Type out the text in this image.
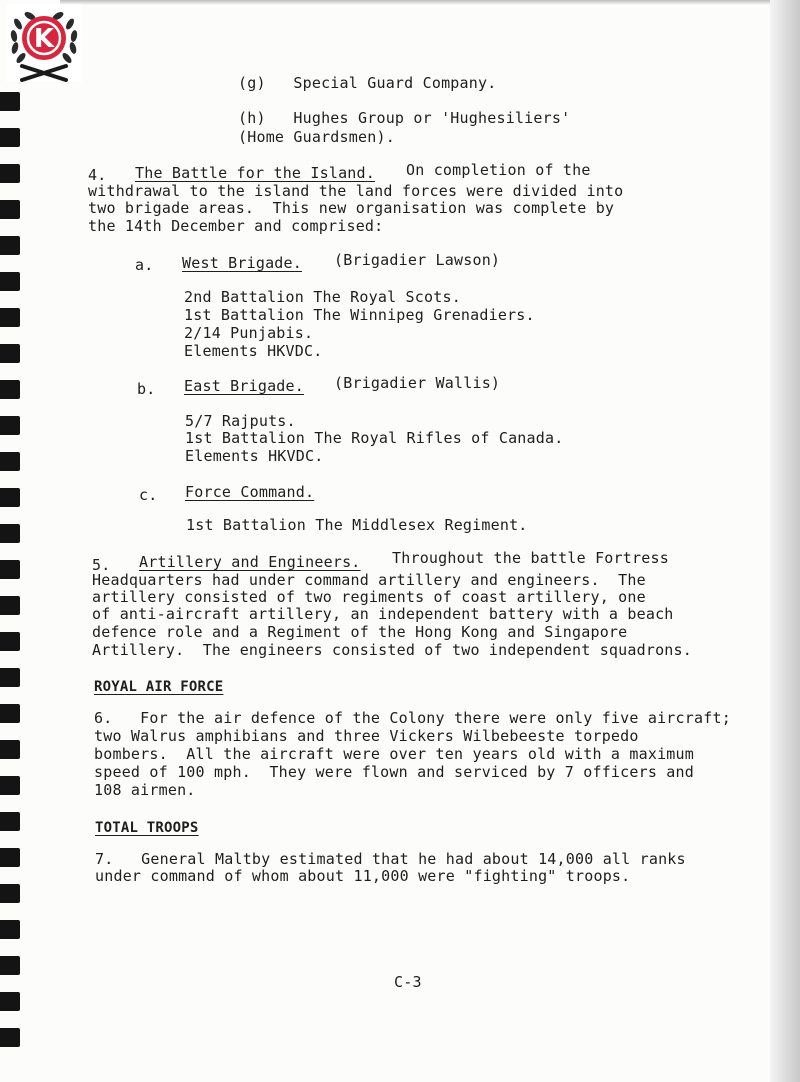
K
(g)   Special Guard Company.
(h)   Hughes Group or 'Hughesiliers'
(Home Guardsmen).
4. The Battle for the Island. On completion of the
withdrawal to the island the land forces were divided into
two brigade areas.  This new organisation was complete by
the 14th December and comprised:
a. West Brigade. (Brigadier Lawson)
2nd Battalion The Royal Scots.
1st Battalion The Winnipeg Grenadiers.
2/14 Punjabis.
Elements HKVDC.
b. East Brigade. (Brigadier Wallis)
5/7 Rajputs.
1st Battalion The Royal Rifles of Canada.
Elements HKVDC.
c. Force Command.
1st Battalion The Middlesex Regiment.
5. Artillery and Engineers. Throughout the battle Fortress
Headquarters had under command artillery and engineers.  The
artillery consisted of two regiments of coast artillery, one
of anti-aircraft artillery, an independent battery with a beach
defence role and a Regiment of the Hong Kong and Singapore
Artillery.  The engineers consisted of two independent squadrons.
ROYAL AIR FORCE
6.   For the air defence of the Colony there were only five aircraft;
two Walrus amphibians and three Vickers Wilbebeeste torpedo
bombers.  All the aircraft were over ten years old with a maximum
speed of 100 mph.  They were flown and serviced by 7 officers and
108 airmen.
TOTAL TROOPS
7.   General Maltby estimated that he had about 14,000 all ranks
under command of whom about 11,000 were "fighting" troops.
C-3
